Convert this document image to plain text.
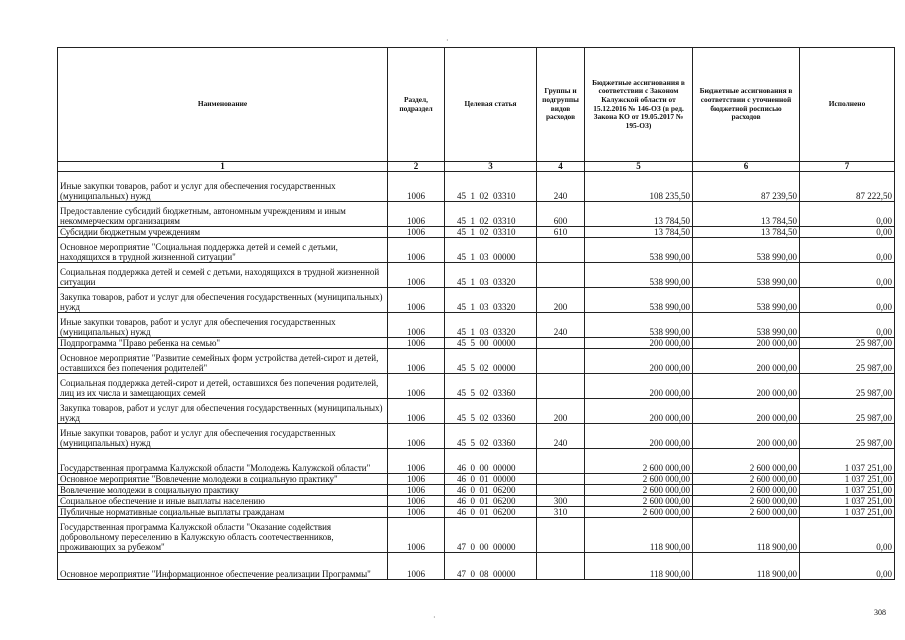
Наименование	Раздел, подраздел	Целевая статья	Группы и подгруппы видов расходов	Бюджетные ассигнования в соответствии с Законом Калужской области от 15.12.2016 № 146-ОЗ (в ред. Закона КО от 19.05.2017 № 195-ОЗ)	Бюджетные ассигнования в соответствии с уточненной бюджетной росписью расходов	Исполнено
1	2	3	4	5	6	7
Иные закупки товаров, работ и услуг для обеспечения государственных (муниципальных) нужд	1006	45  1  02  03310	240	108 235,50	87 239,50	87 222,50
Предоставление субсидий бюджетным, автономным учреждениям и иным некоммерческим организациям	1006	45  1  02  03310	600	13 784,50	13 784,50	0,00
Субсидии бюджетным учреждениям	1006	45  1  02  03310	610	13 784,50	13 784,50	0,00
Основное мероприятие "Социальная поддержка детей и семей с детьми, находящихся в трудной жизненной ситуации"	1006	45  1  03  00000		538 990,00	538 990,00	0,00
Социальная поддержка детей и семей с детьми, находящихся в трудной жизненной ситуации	1006	45  1  03  03320		538 990,00	538 990,00	0,00
Закупка товаров, работ и услуг для обеспечения государственных (муниципальных) нужд	1006	45  1  03  03320	200	538 990,00	538 990,00	0,00
Иные закупки товаров, работ и услуг для обеспечения государственных (муниципальных) нужд	1006	45  1  03  03320	240	538 990,00	538 990,00	0,00
Подпрограмма "Право ребенка на семью"	1006	45  5  00  00000		200 000,00	200 000,00	25 987,00
Основное мероприятие "Развитие семейных форм устройства детей-сирот и детей, оставшихся без попечения родителей"	1006	45  5  02  00000		200 000,00	200 000,00	25 987,00
Социальная поддержка детей-сирот и детей, оставшихся без попечения родителей, лиц из их числа и замещающих семей	1006	45  5  02  03360		200 000,00	200 000,00	25 987,00
Закупка товаров, работ и услуг для обеспечения государственных (муниципальных) нужд	1006	45  5  02  03360	200	200 000,00	200 000,00	25 987,00
Иные закупки товаров, работ и услуг для обеспечения государственных (муниципальных) нужд	1006	45  5  02  03360	240	200 000,00	200 000,00	25 987,00
Государственная программа Калужской области "Молодежь Калужской области"	1006	46  0  00  00000		2 600 000,00	2 600 000,00	1 037 251,00
Основное мероприятие "Вовлечение молодежи в социальную практику"	1006	46  0  01  00000		2 600 000,00	2 600 000,00	1 037 251,00
Вовлечение молодежи в социальную практику	1006	46  0  01  06200		2 600 000,00	2 600 000,00	1 037 251,00
Социальное обеспечение и иные выплаты населению	1006	46  0  01  06200	300	2 600 000,00	2 600 000,00	1 037 251,00
Публичные нормативные социальные выплаты гражданам	1006	46  0  01  06200	310	2 600 000,00	2 600 000,00	1 037 251,00
Государственная программа Калужской области "Оказание содействия добровольному переселению в Калужскую область соотечественников, проживающих за рубежом"	1006	47  0  00  00000		118 900,00	118 900,00	0,00
Основное мероприятие "Информационное обеспечение реализации Программы"	1006	47  0  08  00000		118 900,00	118 900,00	0,00
308
·
·
